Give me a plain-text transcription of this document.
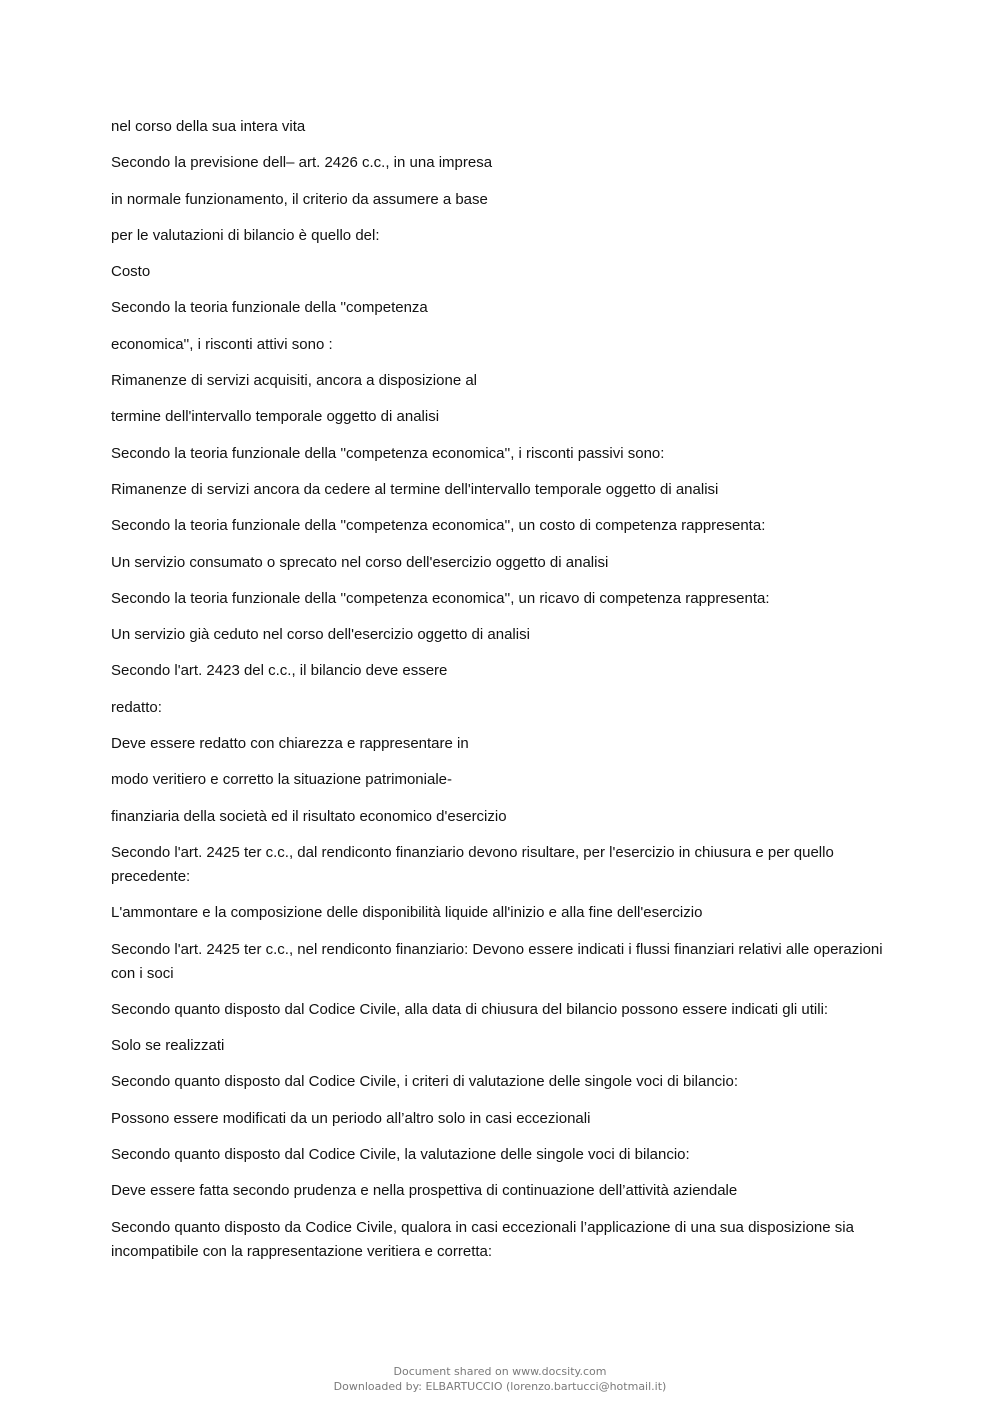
nel corso della sua intera vita

Secondo la previsione dell– art. 2426 c.c., in una impresa

in normale funzionamento, il criterio da assumere a base

per le valutazioni di bilancio è quello del:

Costo

Secondo la teoria funzionale della ''competenza

economica'', i risconti attivi sono :

Rimanenze di servizi acquisiti, ancora a disposizione al

termine dell'intervallo temporale oggetto di analisi

Secondo la teoria funzionale della ''competenza economica'', i risconti passivi sono:

Rimanenze di servizi ancora da cedere al termine dell'intervallo temporale oggetto di analisi

Secondo la teoria funzionale della ''competenza economica'', un costo di competenza rappresenta:

Un servizio consumato o sprecato nel corso dell'esercizio oggetto di analisi

Secondo la teoria funzionale della ''competenza economica'', un ricavo di competenza rappresenta:

Un servizio già ceduto nel corso dell'esercizio oggetto di analisi

Secondo l'art. 2423 del c.c., il bilancio deve essere

redatto:

Deve essere redatto con chiarezza e rappresentare in

modo veritiero e corretto la situazione patrimoniale-

finanziaria della società ed il risultato economico d'esercizio

Secondo l'art. 2425 ter c.c., dal rendiconto finanziario devono risultare, per l'esercizio in chiusura e per quello precedente:

L'ammontare e la composizione delle disponibilità liquide all'inizio e alla fine dell'esercizio

Secondo l'art. 2425 ter c.c., nel rendiconto finanziario: Devono essere indicati i flussi finanziari relativi alle operazioni con i soci

Secondo quanto disposto dal Codice Civile, alla data di chiusura del bilancio possono essere indicati gli utili:

Solo se realizzati

Secondo quanto disposto dal Codice Civile, i criteri di valutazione delle singole voci di bilancio:

Possono essere modificati da un periodo all’altro solo in casi eccezionali

Secondo quanto disposto dal Codice Civile, la valutazione delle singole voci di bilancio:

Deve essere fatta secondo prudenza e nella prospettiva di continuazione dell’attività aziendale

Secondo quanto disposto da Codice Civile, qualora in casi eccezionali l’applicazione di una sua disposizione sia incompatibile con la rappresentazione veritiera e corretta:

Document shared on www.docsity.com
Downloaded by: ELBARTUCCIO (lorenzo.bartucci@hotmail.it)
